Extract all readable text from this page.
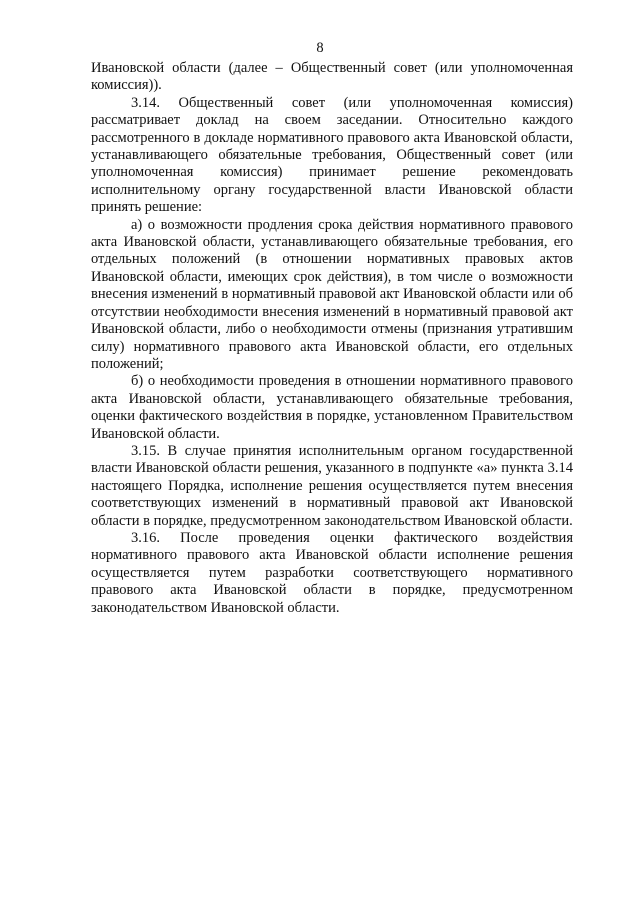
8

Ивановской области (далее – Общественный совет (или уполномоченная комиссия)).

3.14. Общественный совет (или уполномоченная комиссия) рассматривает доклад на своем заседании. Относительно каждого рассмотренного в докладе нормативного правового акта Ивановской области, устанавливающего обязательные требования, Общественный совет (или уполномоченная комиссия) принимает решение рекомендовать исполнительному органу государственной власти Ивановской области принять решение:

а) о возможности продления срока действия нормативного правового акта Ивановской области, устанавливающего обязательные требования, его отдельных положений (в отношении нормативных правовых актов Ивановской области, имеющих срок действия), в том числе о возможности внесения изменений в нормативный правовой акт Ивановской области или об отсутствии необходимости внесения изменений в нормативный правовой акт Ивановской области, либо о необходимости отмены (признания утратившим силу) нормативного правового акта Ивановской области, его отдельных положений;

б) о необходимости проведения в отношении нормативного правового акта Ивановской области, устанавливающего обязательные требования, оценки фактического воздействия в порядке, установленном Правительством Ивановской области.

3.15. В случае принятия исполнительным органом государственной власти Ивановской области решения, указанного в подпункте «а» пункта 3.14 настоящего Порядка, исполнение решения осуществляется путем внесения соответствующих изменений в нормативный правовой акт Ивановской области в порядке, предусмотренном законодательством Ивановской области.

3.16. После проведения оценки фактического воздействия нормативного правового акта Ивановской области исполнение решения осуществляется путем разработки соответствующего нормативного правового акта Ивановской области в порядке, предусмотренном законодательством Ивановской области.
